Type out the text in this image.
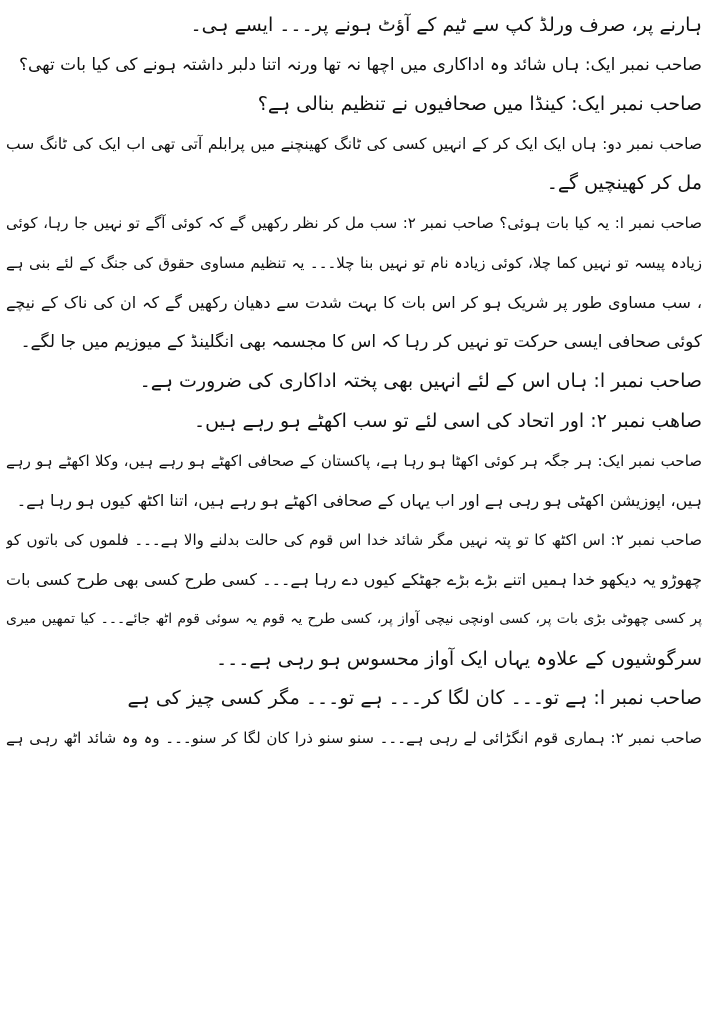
ہارنے پر، صرف ورلڈ کپ سے ٹیم کے آؤٹ ہونے پر۔۔۔ ایسے ہی۔
صاحب نمبر ایک: ہاں شائد وہ اداکاری میں اچھا نہ تھا ورنہ اتنا دلبر داشتہ ہونے کی کیا بات تھی؟
صاحب نمبر ایک: کینڈا میں صحافیوں نے تنظیم بنالی ہے؟
صاحب نمبر دو: ہاں ایک ایک کر کے انہیں کسی کی ٹانگ کھینچنے میں پرابلم آتی تھی اب ایک کی ٹانگ سب
مل کر کھینچیں گے۔
صاحب نمبر ا: یہ کیا بات ہوئی؟ صاحب نمبر ۲: سب مل کر نظر رکھیں گے کہ کوئی آگے تو نہیں جا رہا، کوئی
زیادہ پیسہ تو نہیں کما چلا، کوئی زیادہ نام تو نہیں بنا چلا۔۔۔ یہ تنظیم مساوی حقوق کی جنگ کے لئے بنی ہے
، سب مساوی طور پر شریک ہو کر اس بات کا بہت شدت سے دھیان رکھیں گے کہ ان کی ناک کے نیچے
کوئی صحافی ایسی حرکت تو نہیں کر رہا کہ اس کا مجسمہ بھی انگلینڈ کے میوزیم میں جا لگے۔
صاحب نمبر ا: ہاں اس کے لئے انہیں بھی پختہ اداکاری کی ضرورت ہے۔
صاھب نمبر ۲: اور اتحاد کی اسی لئے تو سب اکھٹے ہو رہے ہیں۔
صاحب نمبر ایک: ہر جگہ ہر کوئی اکھٹا ہو رہا ہے، پاکستان کے صحافی اکھٹے ہو رہے ہیں، وکلا اکھٹے ہو رہے
ہیں، اپوزیشن اکھٹی ہو رہی ہے اور اب یہاں کے صحافی اکھٹے ہو رہے ہیں، اتنا اکٹھ کیوں ہو رہا ہے۔
صاحب نمبر ۲: اس اکٹھ کا تو پتہ نہیں مگر شائد خدا اس قوم کی حالت بدلنے والا ہے۔۔۔ فلموں کی باتوں کو
چھوڑو یہ دیکھو خدا ہمیں اتنے بڑے بڑے جھٹکے کیوں دے رہا ہے۔۔۔ کسی طرح کسی بھی طرح کسی بات
پر کسی چھوٹی بڑی بات پر، کسی اونچی نیچی آواز پر، کسی طرح یہ قوم یہ سوئی قوم اٹھ جائے۔۔۔ کیا تمھیں میری
سرگوشیوں کے علاوہ یہاں ایک آواز محسوس ہو رہی ہے۔۔۔
صاحب نمبر ا: ہے تو۔۔۔ کان لگا کر۔۔۔ ہے تو۔۔۔ مگر کسی چیز کی ہے
صاحب نمبر ۲: ہماری قوم انگڑائی لے رہی ہے۔۔۔ سنو سنو ذرا کان لگا کر سنو۔۔۔ وہ وہ شائد اٹھ رہی ہے
